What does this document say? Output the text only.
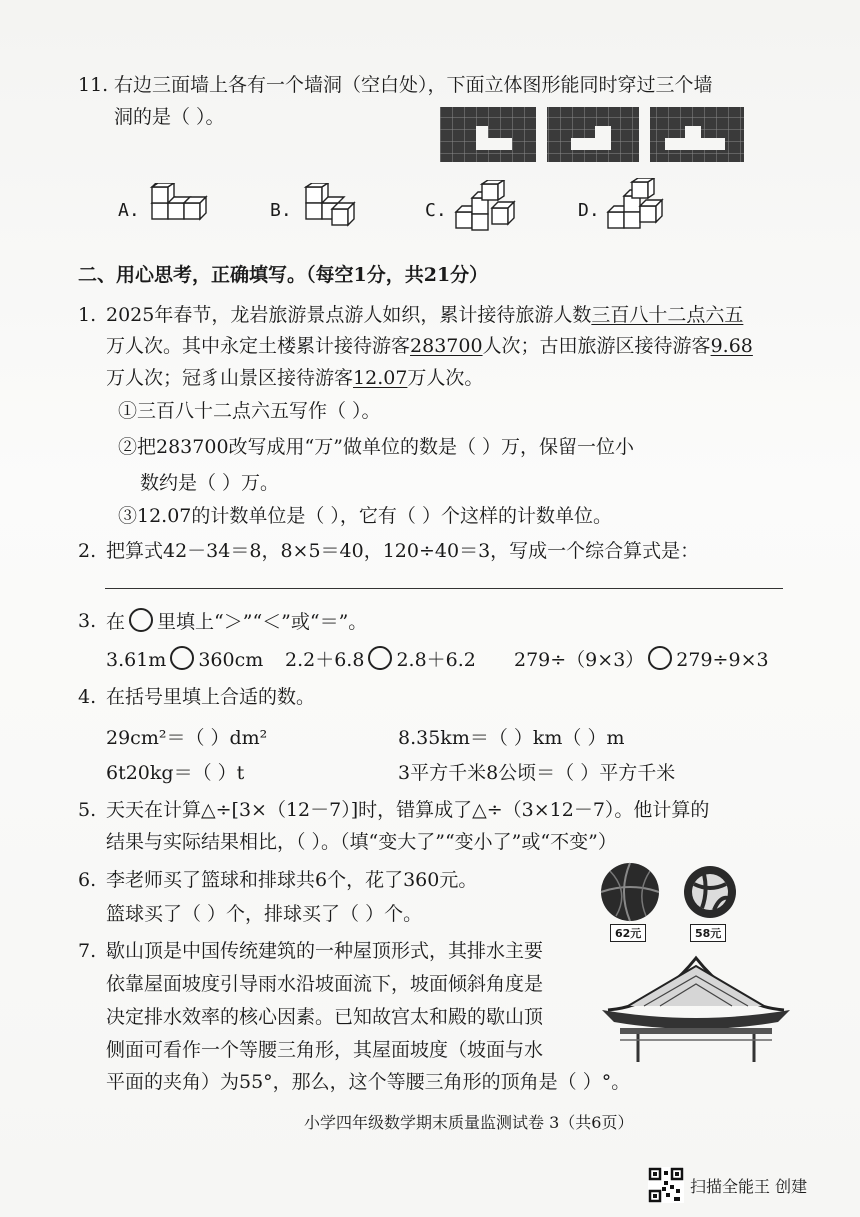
11. 右边三面墙上各有一个墙洞（空白处），下面立体图形能同时穿过三个墙
洞的是（ ）。
A.	B.	C.	D.
二、用心思考，正确填写。（每空1分，共21分）
1. 2025年春节，龙岩旅游景点游人如织，累计接待旅游人数三百八十二点六五
万人次。其中永定土楼累计接待游客283700人次；古田旅游区接待游客9.68
万人次；冠豸山景区接待游客12.07万人次。
①三百八十二点六五写作（ ）。
②把283700改写成用“万”做单位的数是（ ）万，保留一位小
数约是（ ）万。
③12.07的计数单位是（ ），它有（ ）个这样的计数单位。
2. 把算式42－34＝8，8×5＝40，120÷40＝3，写成一个综合算式是：
3. 在 里填上“＞”“＜”或“＝”。
3.61m 360cm 2.2＋6.8 2.8＋6.2 279÷（9×3） 279÷9×3
4. 在括号里填上合适的数。
29cm²＝（ ）dm²	8.35km＝（ ）km（ ）m
6t20kg＝（ ）t	3平方千米8公顷＝（ ）平方千米
5. 天天在计算△÷[3×（12－7）]时，错算成了△÷（3×12－7）。他计算的
结果与实际结果相比，（ ）。（填“变大了”“变小了”或“不变”）
6. 李老师买了篮球和排球共6个，花了360元。
篮球买了（ ）个，排球买了（ ）个。
62元	58元
7. 歇山顶是中国传统建筑的一种屋顶形式，其排水主要
依靠屋面坡度引导雨水沿坡面流下，坡面倾斜角度是
决定排水效率的核心因素。已知故宫太和殿的歇山顶
侧面可看作一个等腰三角形，其屋面坡度（坡面与水
平面的夹角）为55°，那么，这个等腰三角形的顶角是（ ）°。
小学四年级数学期末质量监测试卷 3（共6页）
扫描全能王 创建
